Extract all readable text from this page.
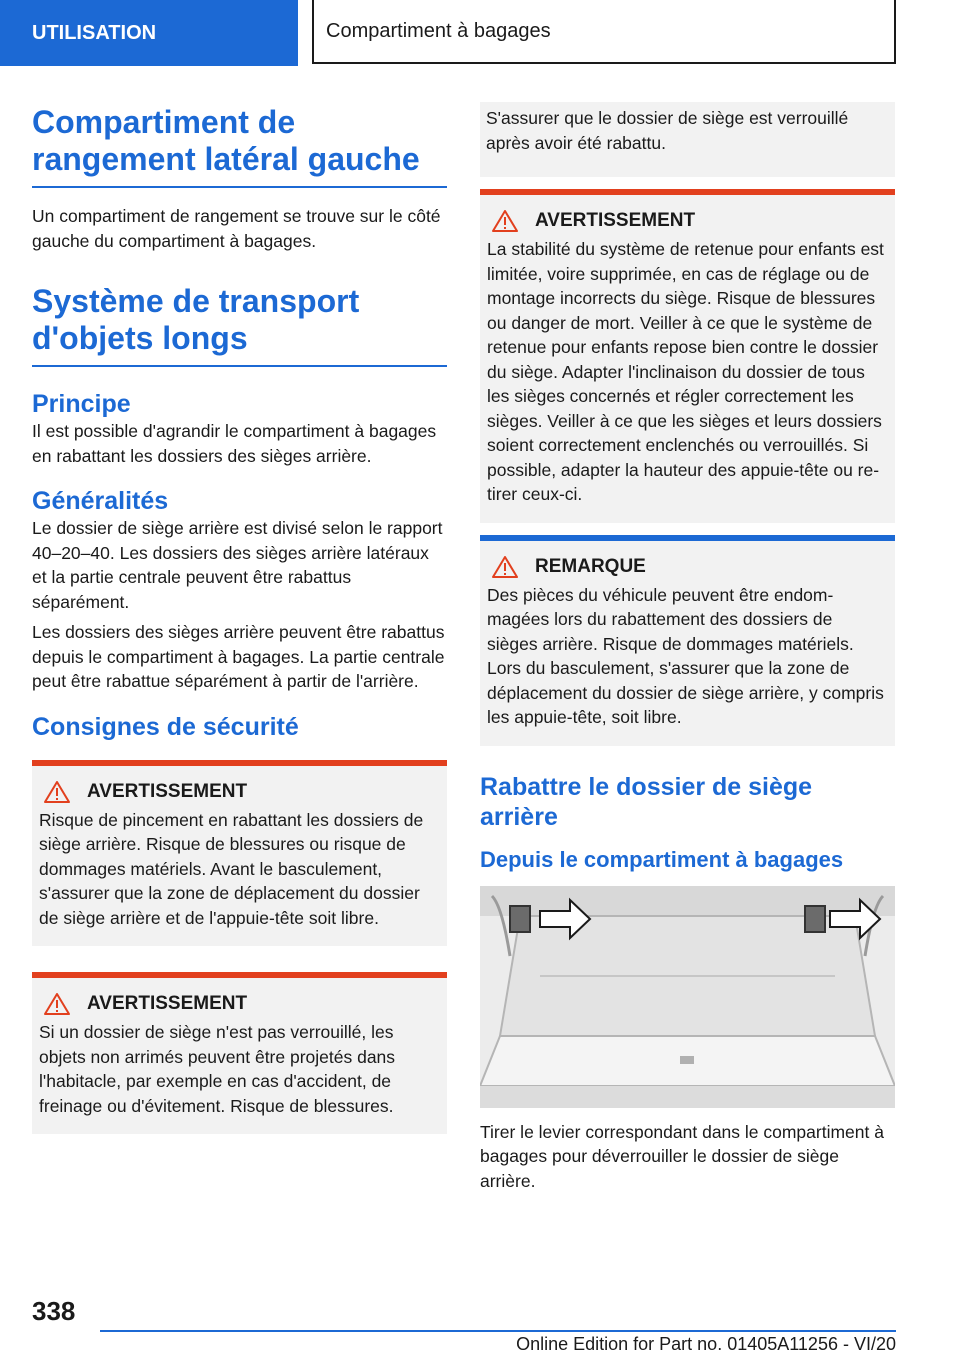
UTILISATION	Compartiment à bagages
Compartiment de rangement latéral gauche

Un compartiment de rangement se trouve sur le côté gauche du compartiment à bagages.

Système de transport d'objets longs
Principe

Il est possible d'agrandir le compartiment à bagages en rabattant les dossiers des sièges arrière.

Généralités

Le dossier de siège arrière est divisé selon le rapport 40–20–40. Les dossiers des sièges arrière latéraux et la partie centrale peuvent être rabattus séparément.

Les dossiers des sièges arrière peuvent être rabattus depuis le compartiment à bagages. La partie centrale peut être rabattue séparément à partir de l'arrière.

Consignes de sécurité
AVERTISSEMENT

Risque de pincement en rabattant les dossiers de siège arrière. Risque de blessures ou risque de dommages matériels. Avant le basculement, s'assurer que la zone de déplacement du dossier de siège arrière et de l'appuie-tête soit libre.

AVERTISSEMENT

Si un dossier de siège n'est pas verrouillé, les objets non arrimés peuvent être projetés dans l'habitacle, par exemple en cas d'accident, de freinage ou d'évitement. Risque de blessures.

S'assurer que le dossier de siège est verrouillé après avoir été rabattu.

AVERTISSEMENT

La stabilité du système de retenue pour enfants est limitée, voire supprimée, en cas de réglage ou de montage incorrects du siège. Risque de blessures ou danger de mort. Veiller à ce que le système de retenue pour enfants repose bien contre le dossier du siège. Adapter l'inclinaison du dossier de tous les sièges concernés et régler correctement les sièges. Veiller à ce que les sièges et leurs dossiers soient correctement enclenchés ou verrouillés. Si possible, adapter la hauteur des appuie-tête ou retirer ceux-ci.

REMARQUE

Des pièces du véhicule peuvent être endommagées lors du rabattement des dossiers de sièges arrière. Risque de dommages matériels. Lors du basculement, s'assurer que la zone de déplacement du dossier de siège arrière, y compris les appuie-tête, soit libre.

Rabattre le dossier de siège arrière
Depuis le compartiment à bagages

Tirer le levier correspondant dans le compartiment à bagages pour déverrouiller le dossier de siège arrière.

338
Online Edition for Part no. 01405A11256 - VI/20
